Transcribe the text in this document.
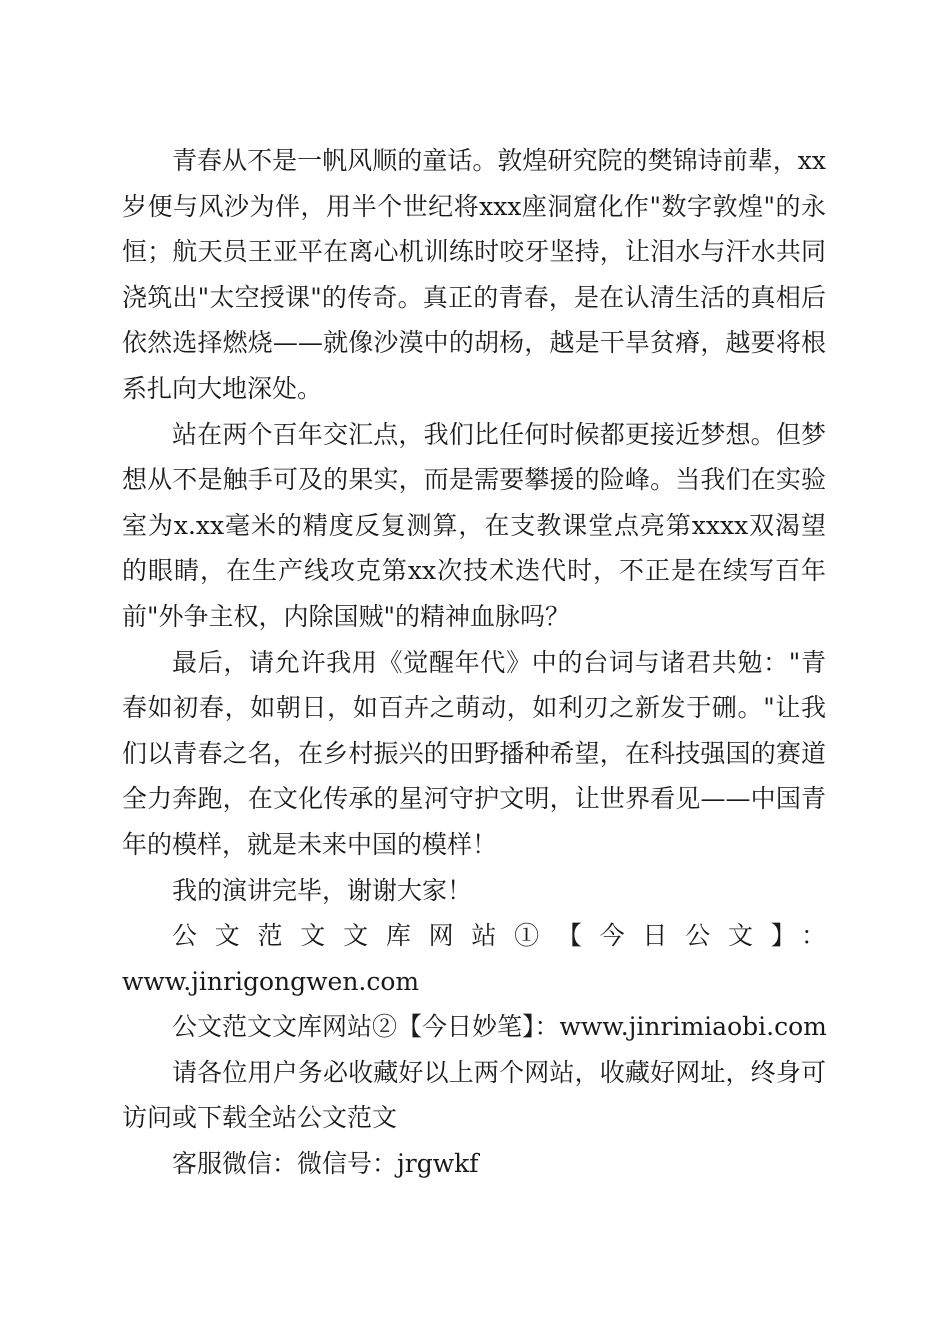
青春从不是一帆风顺的童话。敦煌研究院的樊锦诗前辈，xx岁便与风沙为伴，用半个世纪将xxx座洞窟化作"数字敦煌"的永恒；航天员王亚平在离心机训练时咬牙坚持，让泪水与汗水共同浇筑出"太空授课"的传奇。真正的青春，是在认清生活的真相后依然选择燃烧——就像沙漠中的胡杨，越是干旱贫瘠，越要将根系扎向大地深处。

站在两个百年交汇点，我们比任何时候都更接近梦想。但梦想从不是触手可及的果实，而是需要攀援的险峰。当我们在实验室为x.xx毫米的精度反复测算，在支教课堂点亮第xxxx双渴望的眼睛，在生产线攻克第xx次技术迭代时，不正是在续写百年前"外争主权，内除国贼"的精神血脉吗？

最后，请允许我用《觉醒年代》中的台词与诸君共勉："青春如初春，如朝日，如百卉之萌动，如利刃之新发于硎。"让我们以青春之名，在乡村振兴的田野播种希望，在科技强国的赛道全力奔跑，在文化传承的星河守护文明，让世界看见——中国青年的模样，就是未来中国的模样！

我的演讲完毕，谢谢大家！

公文范文文库网站①【今日公文】：

www.jinrigongwen.com

公文范文文库网站②【今日妙笔】：www.jinrimiaobi.com

请各位用户务必收藏好以上两个网站，收藏好网址，终身可访问或下载全站公文范文

客服微信：微信号：jrgwkf
